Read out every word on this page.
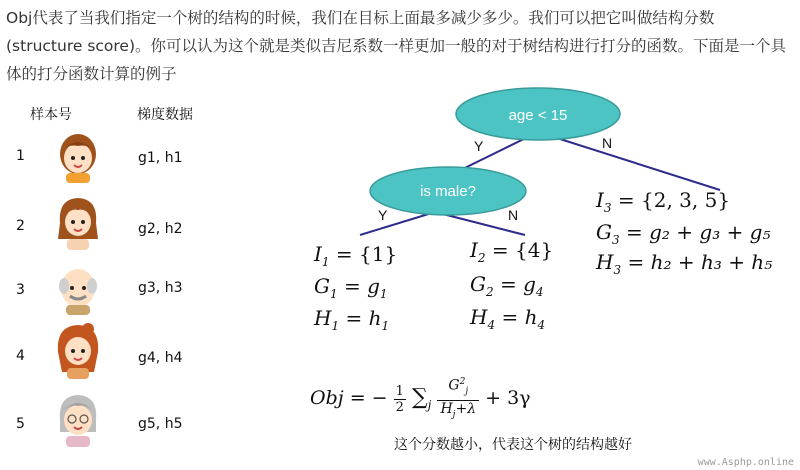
Obj代表了当我们指定一个树的结构的时候，我们在目标上面最多减少多少。我们可以把它叫做结构分数(structure score)。你可以认为这个就是类似吉尼系数一样更加一般的对于树结构进行打分的函数。下面是一个具体的打分函数计算的例子
样本号	梯度数据
1	g1, h1
2	g2, h2
3	g3, h3
4	g4, h4
5	g5, h5
age < 15
is male?
Y	N
Y	N
$I_1 = \{1\}$
$G_1 = g_1$
$H_1 = h_1$
$I_2 = \{4\}$
$G_2 = g_4$
$H_4 = h_4$
$I_3 = \{2$, 3, 5}
$G_3 = g_2 + g_3 + g_5$
$H_3 = h_2 + h_3 + h_5$
Obj = − $\frac{1}{2} \sum_j \frac{G^2_j}{H_j+\lambda} + 3\gamma$
这个分数越小，代表这个树的结构越好
www.Asphp.online
